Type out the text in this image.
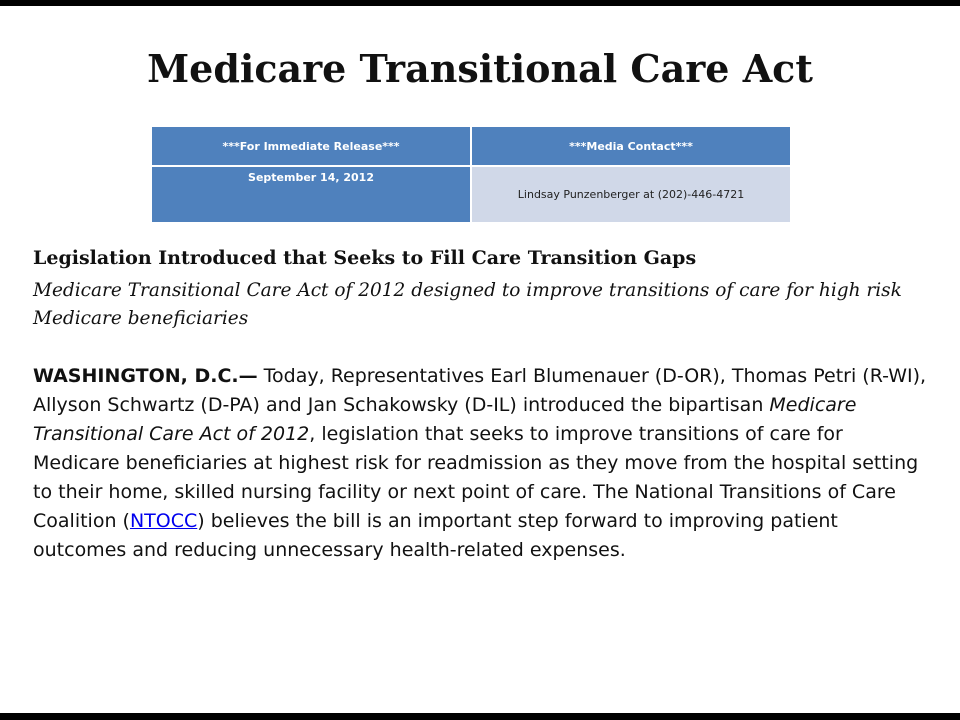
Medicare Transitional Care Act
***For Immediate Release***	***Media Contact***
September 14, 2012	Lindsay Punzenberger at (202)-446-4721

Legislation Introduced that Seeks to Fill Care Transition Gaps

Medicare Transitional Care Act of 2012 designed to improve transitions of care for high risk Medicare beneficiaries

WASHINGTON, D.C.— Today, Representatives Earl Blumenauer (D-OR), Thomas Petri (R-WI), Allyson Schwartz (D-PA) and Jan Schakowsky (D-IL) introduced the bipartisan Medicare Transitional Care Act of 2012, legislation that seeks to improve transitions of care for Medicare beneficiaries at highest risk for readmission as they move from the hospital setting to their home, skilled nursing facility or next point of care. The National Transitions of Care Coalition (NTOCC) believes the bill is an important step forward to improving patient outcomes and reducing unnecessary health-related expenses.
